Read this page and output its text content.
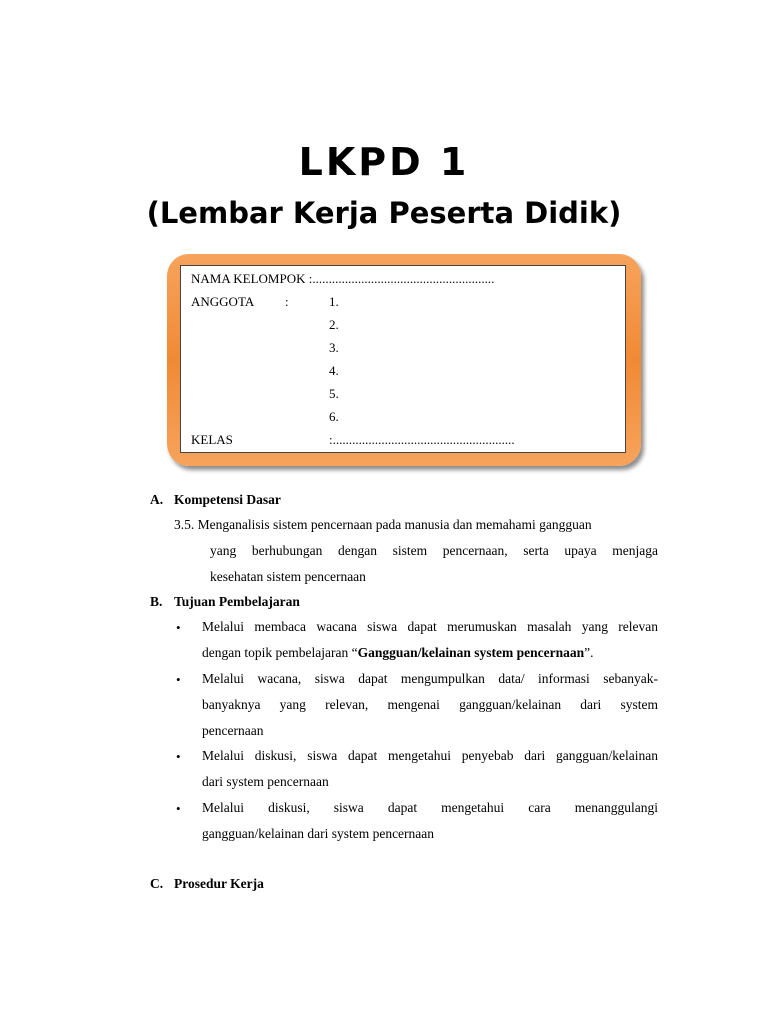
LKPD 1
(Lembar Kerja Peserta Didik)
NAMA KELOMPOK :........................................................
ANGGOTA :	1.
2.
3.
4.
5.
6.
KELAS	:........................................................
A. Kompetensi Dasar
3.5. Menganalisis sistem pencernaan pada manusia dan memahami gangguan
yang berhubungan dengan sistem pencernaan, serta upaya menjaga
kesehatan sistem pencernaan
B. Tujuan Pembelajaran
• Melalui membaca wacana siswa dapat merumuskan masalah yang relevan
dengan topik pembelajaran “Gangguan/kelainan system pencernaan”.
• Melalui wacana, siswa dapat mengumpulkan data/ informasi sebanyak-
banyaknya yang relevan, mengenai gangguan/kelainan dari system
pencernaan
• Melalui diskusi, siswa dapat mengetahui penyebab dari gangguan/kelainan
dari system pencernaan
• Melalui diskusi, siswa dapat mengetahui cara menanggulangi
gangguan/kelainan dari system pencernaan
C. Prosedur Kerja
